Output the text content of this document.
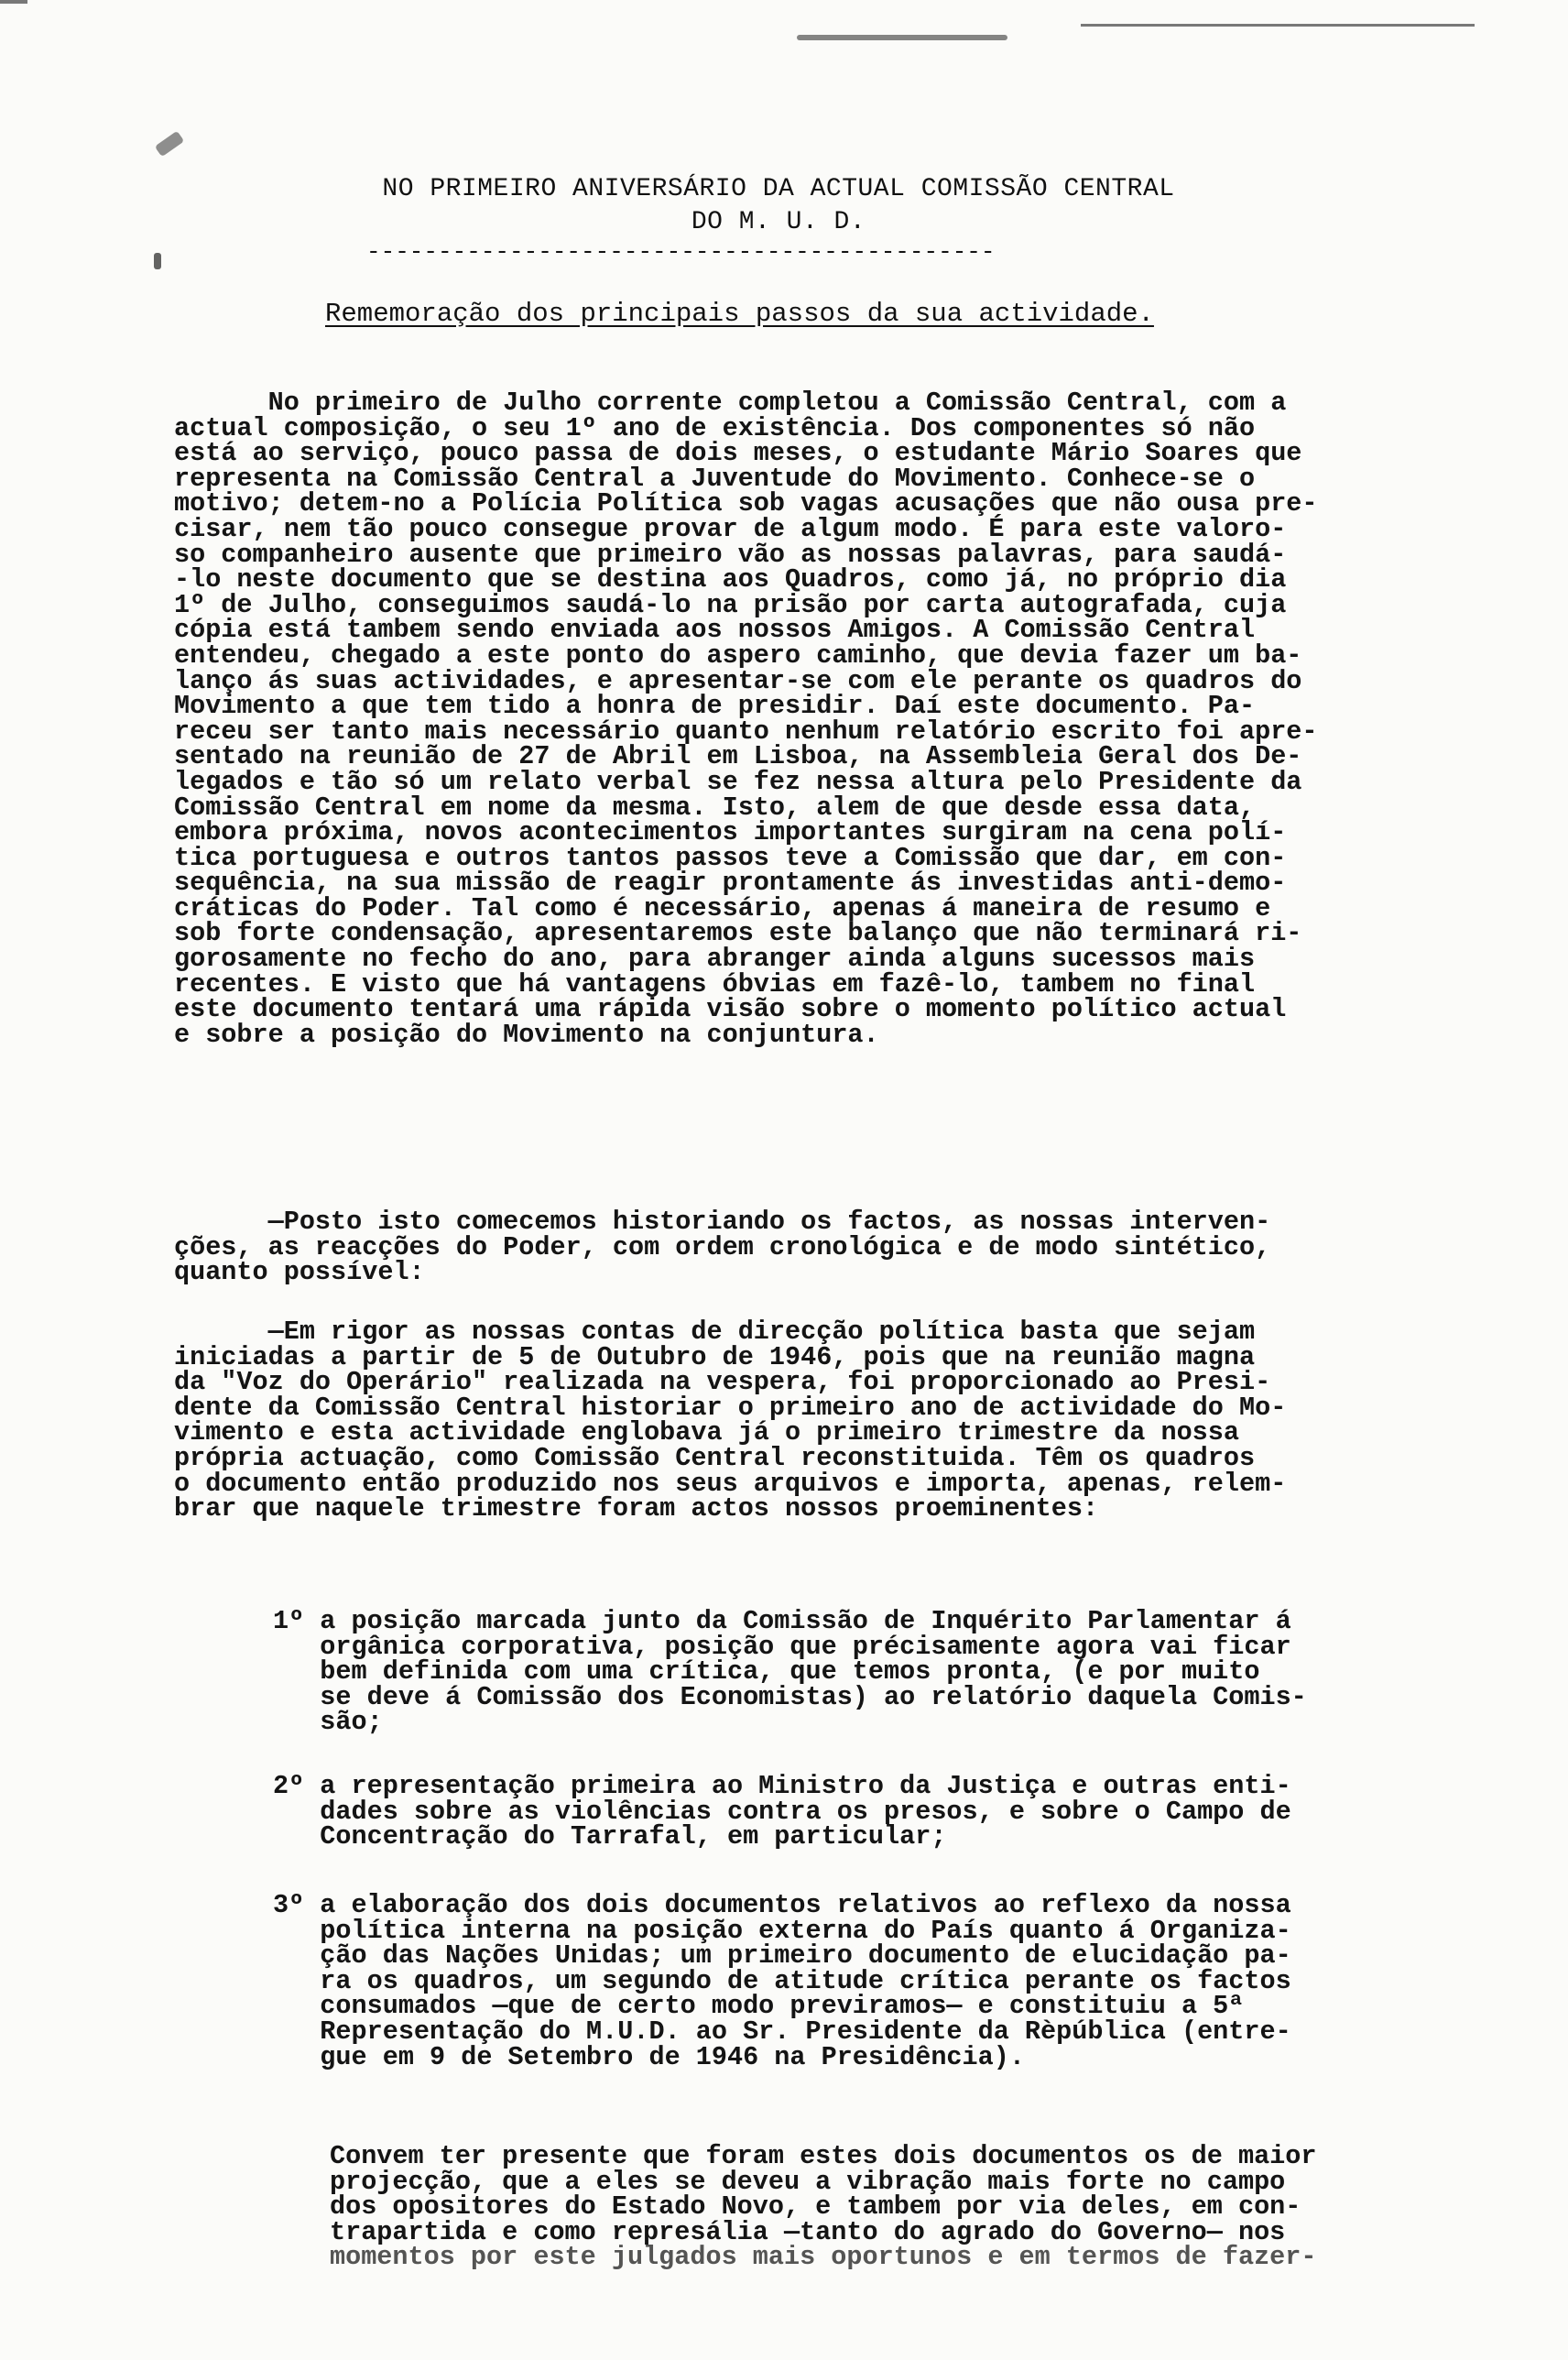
NO PRIMEIRO ANIVERSÁRIO DA ACTUAL COMISSÃO CENTRAL
DO M. U. D.
--------------------------------------------
Rememoração dos principais passos da sua actividade.
No primeiro de Julho corrente completou a Comissão Central, com a
actual composição, o seu 1º ano de existência. Dos componentes só não
está ao serviço, pouco passa de dois meses, o estudante Mário Soares que
representa na Comissão Central a Juventude do Movimento. Conhece-se o
motivo; detem-no a Polícia Política sob vagas acusações que não ousa pre-
cisar, nem tão pouco consegue provar de algum modo. É para este valoro-
so companheiro ausente que primeiro vão as nossas palavras, para saudá-
-lo neste documento que se destina aos Quadros, como já, no próprio dia
1º de Julho, conseguimos saudá-lo na prisão por carta autografada, cuja
cópia está tambem sendo enviada aos nossos Amigos. A Comissão Central
entendeu, chegado a este ponto do aspero caminho, que devia fazer um ba-
lanço ás suas actividades, e apresentar-se com ele perante os quadros do
Movimento a que tem tido a honra de presidir. Daí este documento. Pa-
receu ser tanto mais necessário quanto nenhum relatório escrito foi apre-
sentado na reunião de 27 de Abril em Lisboa, na Assembleia Geral dos De-
legados e tão só um relato verbal se fez nessa altura pelo Presidente da
Comissão Central em nome da mesma. Isto, alem de que desde essa data,
embora próxima, novos acontecimentos importantes surgiram na cena polí-
tica portuguesa e outros tantos passos teve a Comissão que dar, em con-
sequência, na sua missão de reagir prontamente ás investidas anti-demo-
cráticas do Poder. Tal como é necessário, apenas á maneira de resumo e
sob forte condensação, apresentaremos este balanço que não terminará ri-
gorosamente no fecho do ano, para abranger ainda alguns sucessos mais
recentes. E visto que há vantagens óbvias em fazê-lo, tambem no final
este documento tentará uma rápida visão sobre o momento político actual
e sobre a posição do Movimento na conjuntura.
—Posto isto comecemos historiando os factos, as nossas interven-
ções, as reacções do Poder, com ordem cronológica e de modo sintético,
quanto possível:
—Em rigor as nossas contas de direcção política basta que sejam
iniciadas a partir de 5 de Outubro de 1946, pois que na reunião magna
da "Voz do Operário" realizada na vespera, foi proporcionado ao Presi-
dente da Comissão Central historiar o primeiro ano de actividade do Mo-
vimento e esta actividade englobava já o primeiro trimestre da nossa
própria actuação, como Comissão Central reconstituida. Têm os quadros
o documento então produzido nos seus arquivos e importa, apenas, relem-
brar que naquele trimestre foram actos nossos proeminentes:
1º a posição marcada junto da Comissão de Inquérito Parlamentar á
orgânica corporativa, posição que précisamente agora vai ficar
bem definida com uma crítica, que temos pronta, (e por muito
se deve á Comissão dos Economistas) ao relatório daquela Comis-
são;
2º a representação primeira ao Ministro da Justiça e outras enti-
dades sobre as violências contra os presos, e sobre o Campo de
Concentração do Tarrafal, em particular;
3º a elaboração dos dois documentos relativos ao reflexo da nossa
política interna na posição externa do País quanto á Organiza-
ção das Nações Unidas; um primeiro documento de elucidação pa-
ra os quadros, um segundo de atitude crítica perante os factos
consumados —que de certo modo previramos— e constituiu a 5ª
Representação do M.U.D. ao Sr. Presidente da Rèpública (entre-
gue em 9 de Setembro de 1946 na Presidência).
Convem ter presente que foram estes dois documentos os de maior
projecção, que a eles se deveu a vibração mais forte no campo
dos opositores do Estado Novo, e tambem por via deles, em con-
trapartida e como represália —tanto do agrado do Governo— nos
momentos por este julgados mais oportunos e em termos de fazer-
